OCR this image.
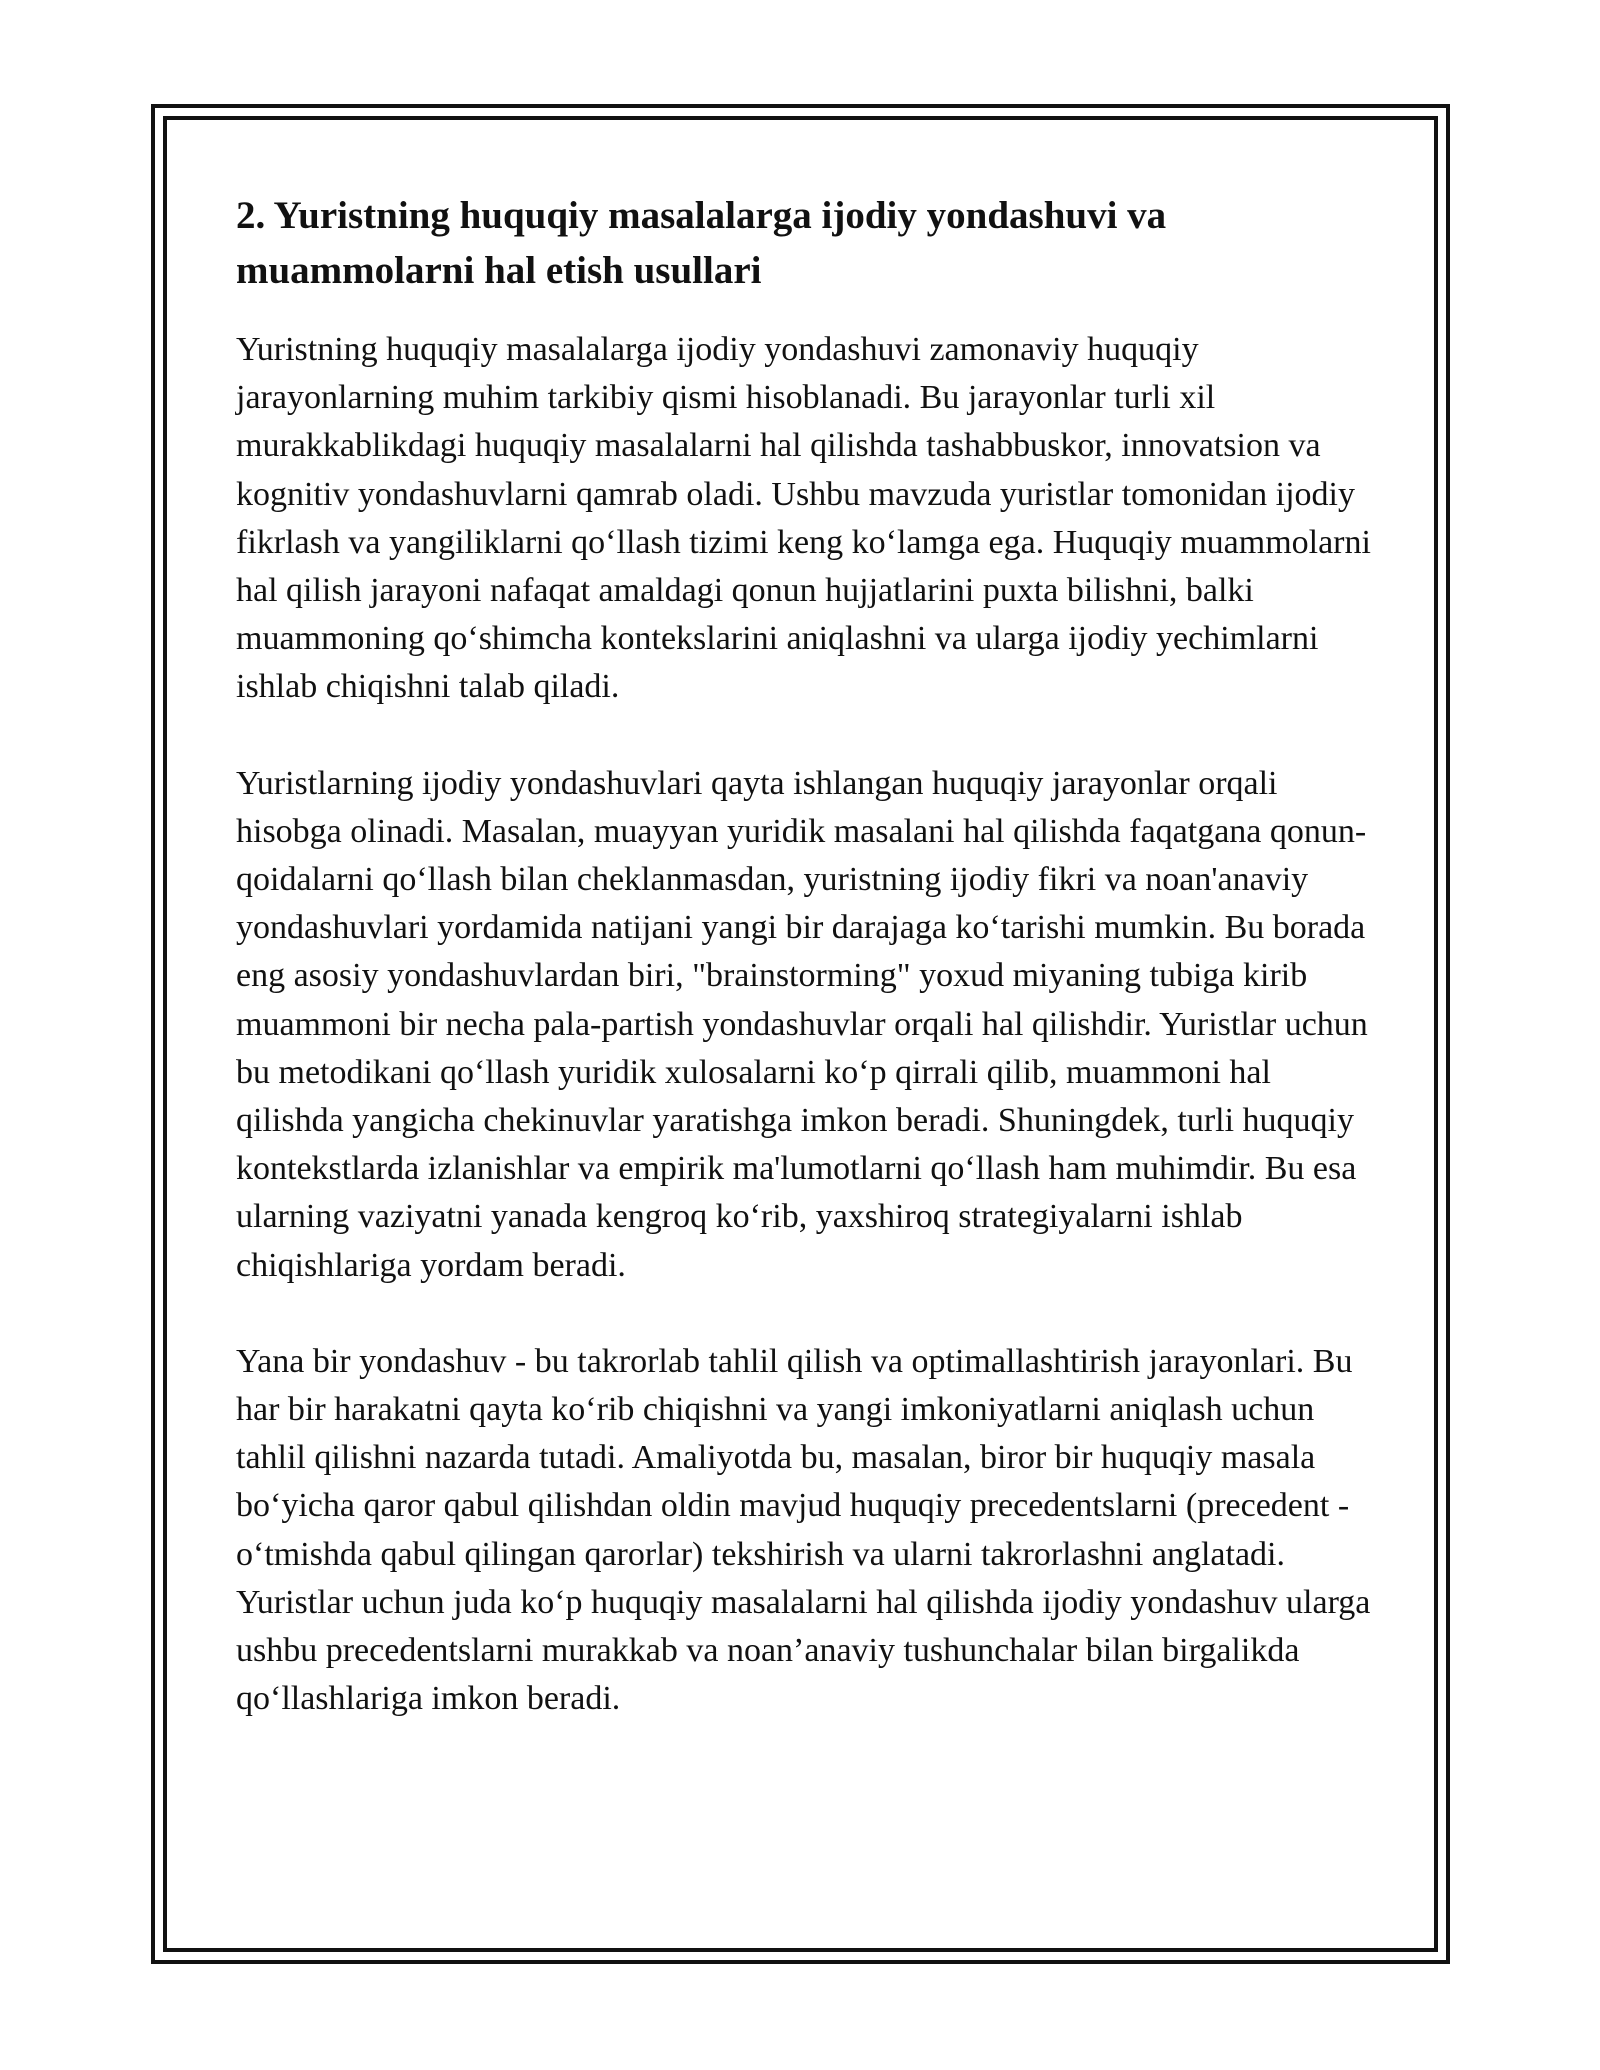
2. Yuristning huquqiy masalalarga ijodiy yondashuvi va muammolarni hal etish usullari

Yuristning huquqiy masalalarga ijodiy yondashuvi zamonaviy huquqiy jarayonlarning muhim tarkibiy qismi hisoblanadi. Bu jarayonlar turli xil murakkablikdagi huquqiy masalalarni hal qilishda tashabbuskor, innovatsion va kognitiv yondashuvlarni qamrab oladi. Ushbu mavzuda yuristlar tomonidan ijodiy fikrlash va yangiliklarni qo‘llash tizimi keng ko‘lamga ega. Huquqiy muammolarni hal qilish jarayoni nafaqat amaldagi qonun hujjatlarini puxta bilishni, balki muammoning qo‘shimcha kontekslarini aniqlashni va ularga ijodiy yechimlarni ishlab chiqishni talab qiladi.

Yuristlarning ijodiy yondashuvlari qayta ishlangan huquqiy jarayonlar orqali hisobga olinadi. Masalan, muayyan yuridik masalani hal qilishda faqatgana qonun-qoidalarni qo‘llash bilan cheklanmasdan, yuristning ijodiy fikri va noan'anaviy yondashuvlari yordamida natijani yangi bir darajaga ko‘tarishi mumkin. Bu borada eng asosiy yondashuvlardan biri, "brainstorming" yoxud miyaning tubiga kirib muammoni bir necha pala-partish yondashuvlar orqali hal qilishdir. Yuristlar uchun bu metodikani qo‘llash yuridik xulosalarni ko‘p qirrali qilib, muammoni hal qilishda yangicha chekinuvlar yaratishga imkon beradi. Shuningdek, turli huquqiy kontekstlarda izlanishlar va empirik ma'lumotlarni qo‘llash ham muhimdir. Bu esa ularning vaziyatni yanada kengroq ko‘rib, yaxshiroq strategiyalarni ishlab chiqishlariga yordam beradi.

Yana bir yondashuv - bu takrorlab tahlil qilish va optimallashtirish jarayonlari. Bu har bir harakatni qayta ko‘rib chiqishni va yangi imkoniyatlarni aniqlash uchun tahlil qilishni nazarda tutadi. Amaliyotda bu, masalan, biror bir huquqiy masala bo‘yicha qaror qabul qilishdan oldin mavjud huquqiy precedentslarni (precedent - o‘tmishda qabul qilingan qarorlar) tekshirish va ularni takrorlashni anglatadi. Yuristlar uchun juda ko‘p huquqiy masalalarni hal qilishda ijodiy yondashuv ularga ushbu precedentslarni murakkab va noan’anaviy tushunchalar bilan birgalikda qo‘llashlariga imkon beradi.
